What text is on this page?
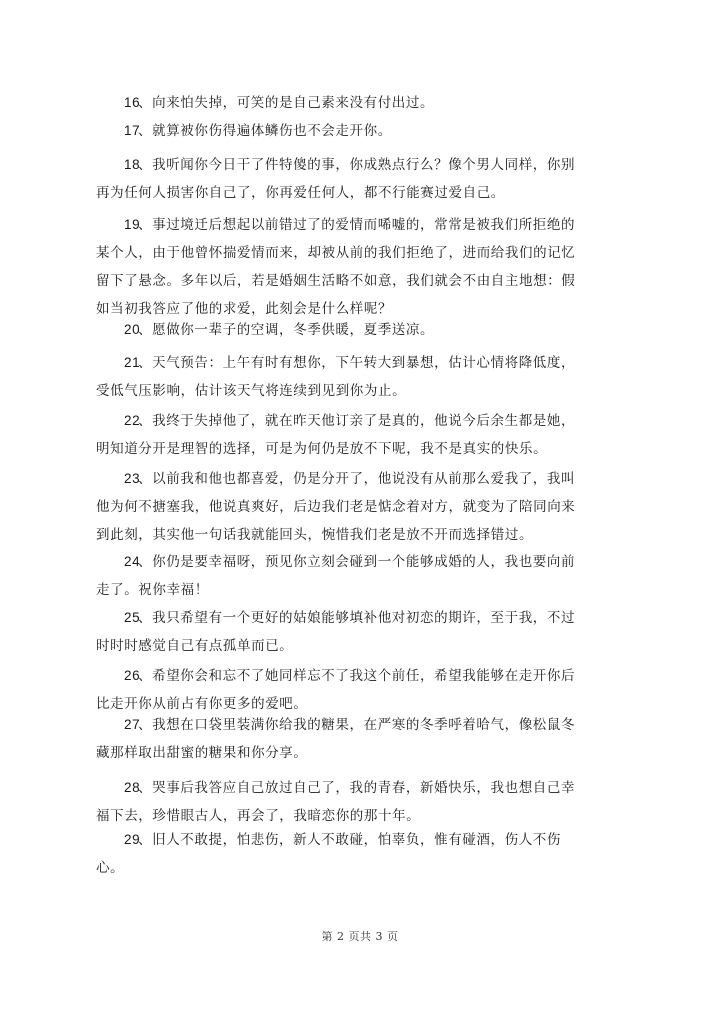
16、向来怕失掉，可笑的是自己素来没有付出过。
17、就算被你伤得遍体鳞伤也不会走开你。
18、我听闻你今日干了件特傻的事，你成熟点行么？像个男人同样，你别再为任何人损害你自己了，你再爱任何人，都不行能赛过爱自己。
19、事过境迁后想起以前错过了的爱情而唏嘘的，常常是被我们所拒绝的某个人，由于他曾怀揣爱情而来，却被从前的我们拒绝了，进而给我们的记忆留下了悬念。多年以后，若是婚姻生活略不如意，我们就会不由自主地想：假如当初我答应了他的求爱，此刻会是什么样呢？
20、愿做你一辈子的空调，冬季供暖，夏季送凉。
21、天气预告：上午有时有想你，下午转大到暴想，估计心情将降低度，受低气压影响，估计该天气将连续到见到你为止。
22、我终于失掉他了，就在昨天他订亲了是真的，他说今后余生都是她，明知道分开是理智的选择，可是为何仍是放不下呢，我不是真实的快乐。
23、以前我和他也都喜爱，仍是分开了，他说没有从前那么爱我了，我叫他为何不搪塞我，他说真爽好，后边我们老是惦念着对方，就变为了陪同向来到此刻，其实他一句话我就能回头，惋惜我们老是放不开而选择错过。
24、你仍是要幸福呀，预见你立刻会碰到一个能够成婚的人，我也要向前走了。祝你幸福！
25、我只希望有一个更好的姑娘能够填补他对初恋的期许，至于我，不过时时时感觉自己有点孤单而已。
26、希望你会和忘不了她同样忘不了我这个前任，希望我能够在走开你后比走开你从前占有你更多的爱吧。
27、我想在口袋里装满你给我的糖果，在严寒的冬季呼着哈气，像松鼠冬藏那样取出甜蜜的糖果和你分享。
28、哭事后我答应自己放过自己了，我的青春，新婚快乐，我也想自己幸福下去，珍惜眼古人，再会了，我暗恋你的那十年。
29、旧人不敢提，怕悲伤，新人不敢碰，怕辜负，惟有碰酒，伤人不伤心。
第 2 页共 3 页
